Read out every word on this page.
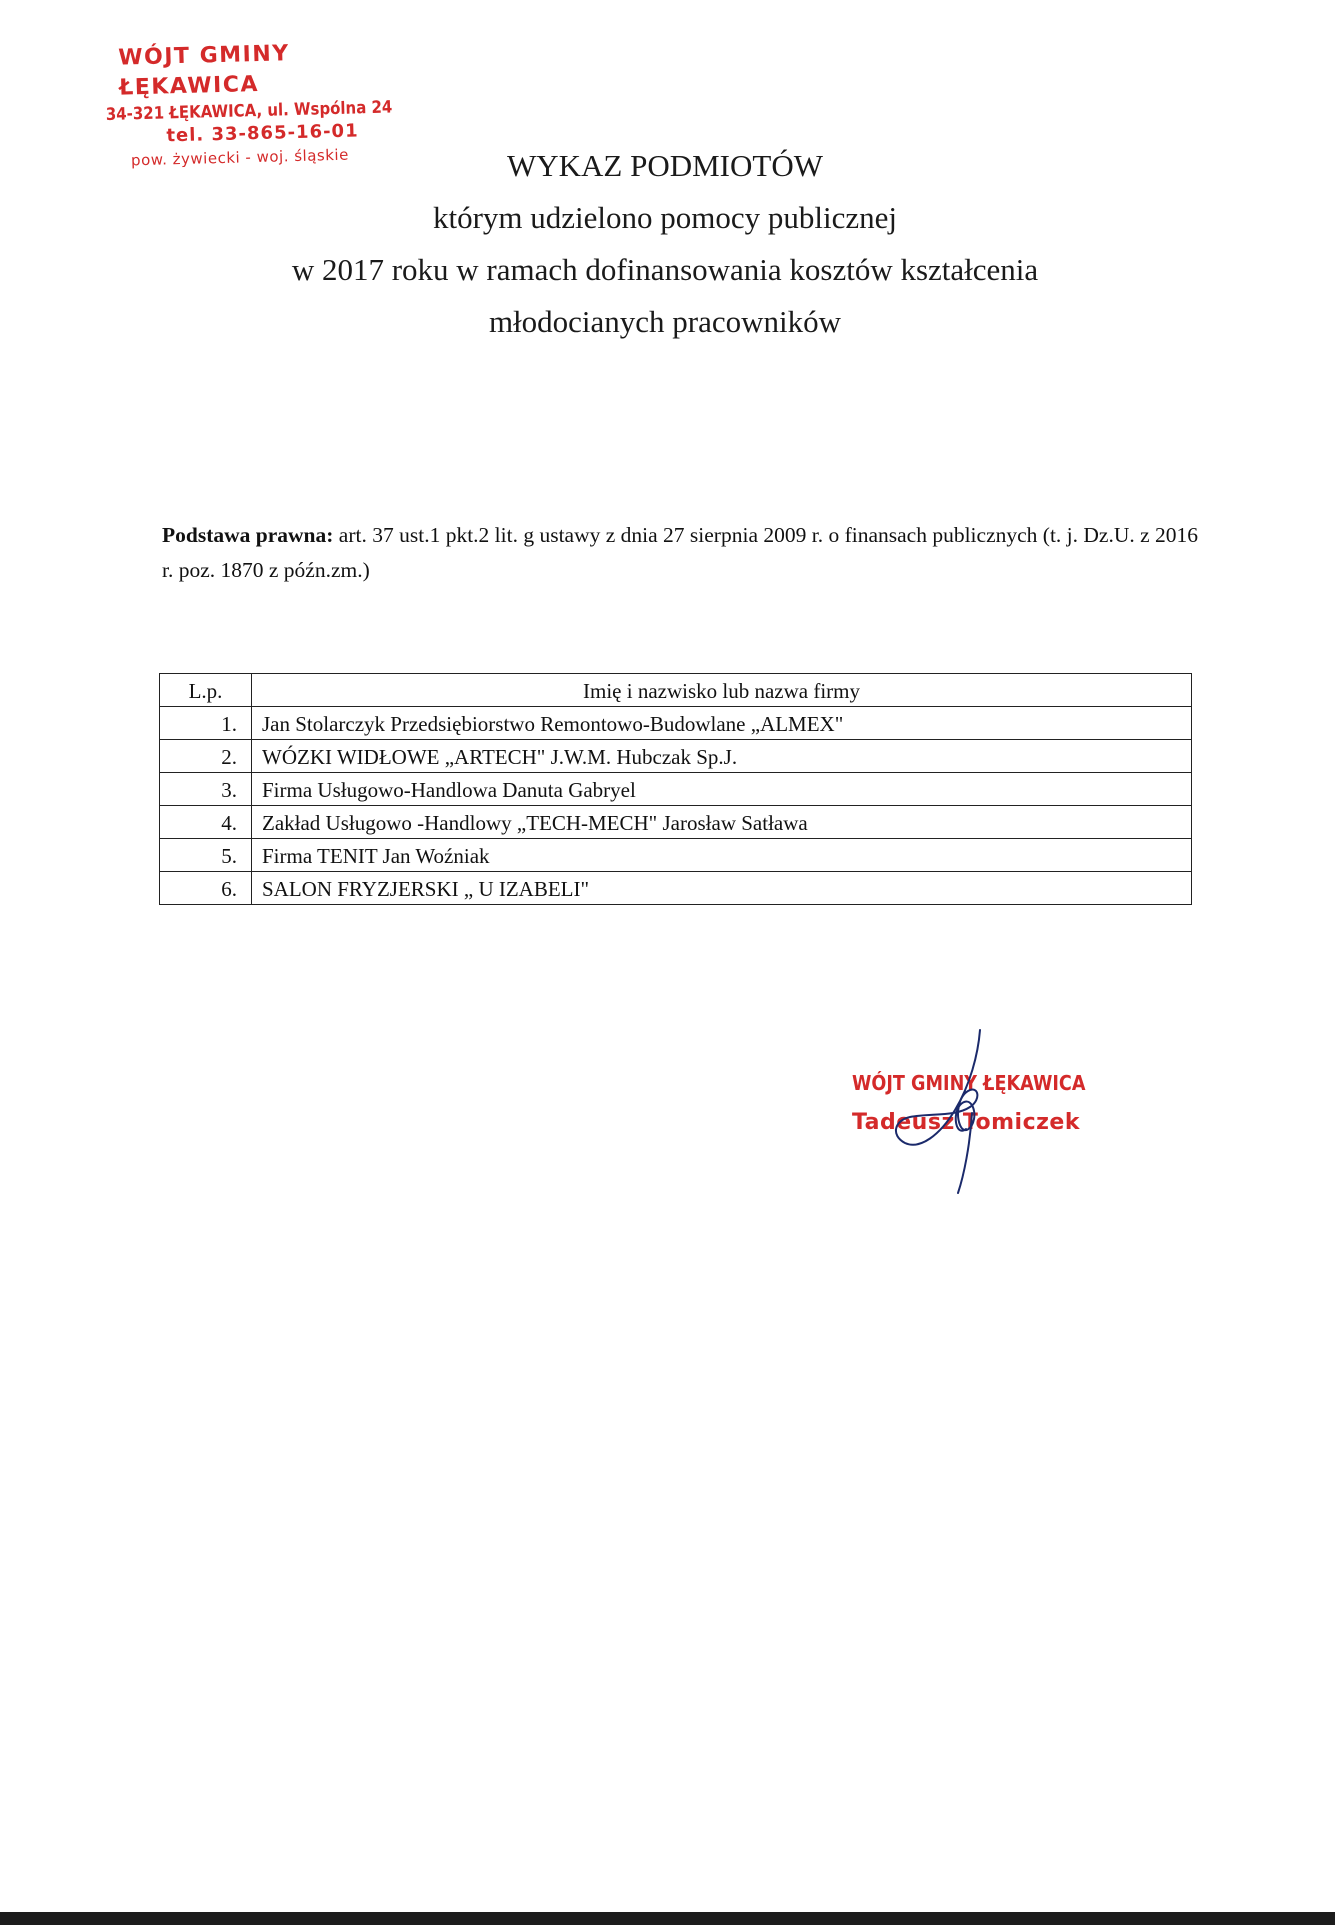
WÓJT GMINY ŁĘKAWICA
34-321 ŁĘKAWICA, ul. Wspólna 24
tel. 33-865-16-01
pow. żywiecki - woj. śląskie	WYKAZ PODMIOTÓW
którym udzielono pomocy publicznej
w 2017 roku w ramach dofinansowania kosztów kształcenia
młodocianych pracowników
Podstawa prawna: art. 37 ust.1 pkt.2 lit. g ustawy z dnia 27 sierpnia 2009 r. o finansach publicznych (t. j. Dz.U. z 2016 r. poz. 1870 z późn.zm.)
L.p.	Imię i nazwisko lub nazwa firmy
1.	Jan Stolarczyk Przedsiębiorstwo Remontowo-Budowlane „ALMEX"
2.	WÓZKI WIDŁOWE „ARTECH" J.W.M. Hubczak Sp.J.
3.	Firma Usługowo-Handlowa Danuta Gabryel
4.	Zakład Usługowo -Handlowy „TECH-MECH" Jarosław Satława
5.	Firma TENIT Jan Woźniak
6.	SALON FRYZJERSKI „ U IZABELI"
WÓJT GMINY ŁĘKAWICA
Tadeusz Tomiczek
